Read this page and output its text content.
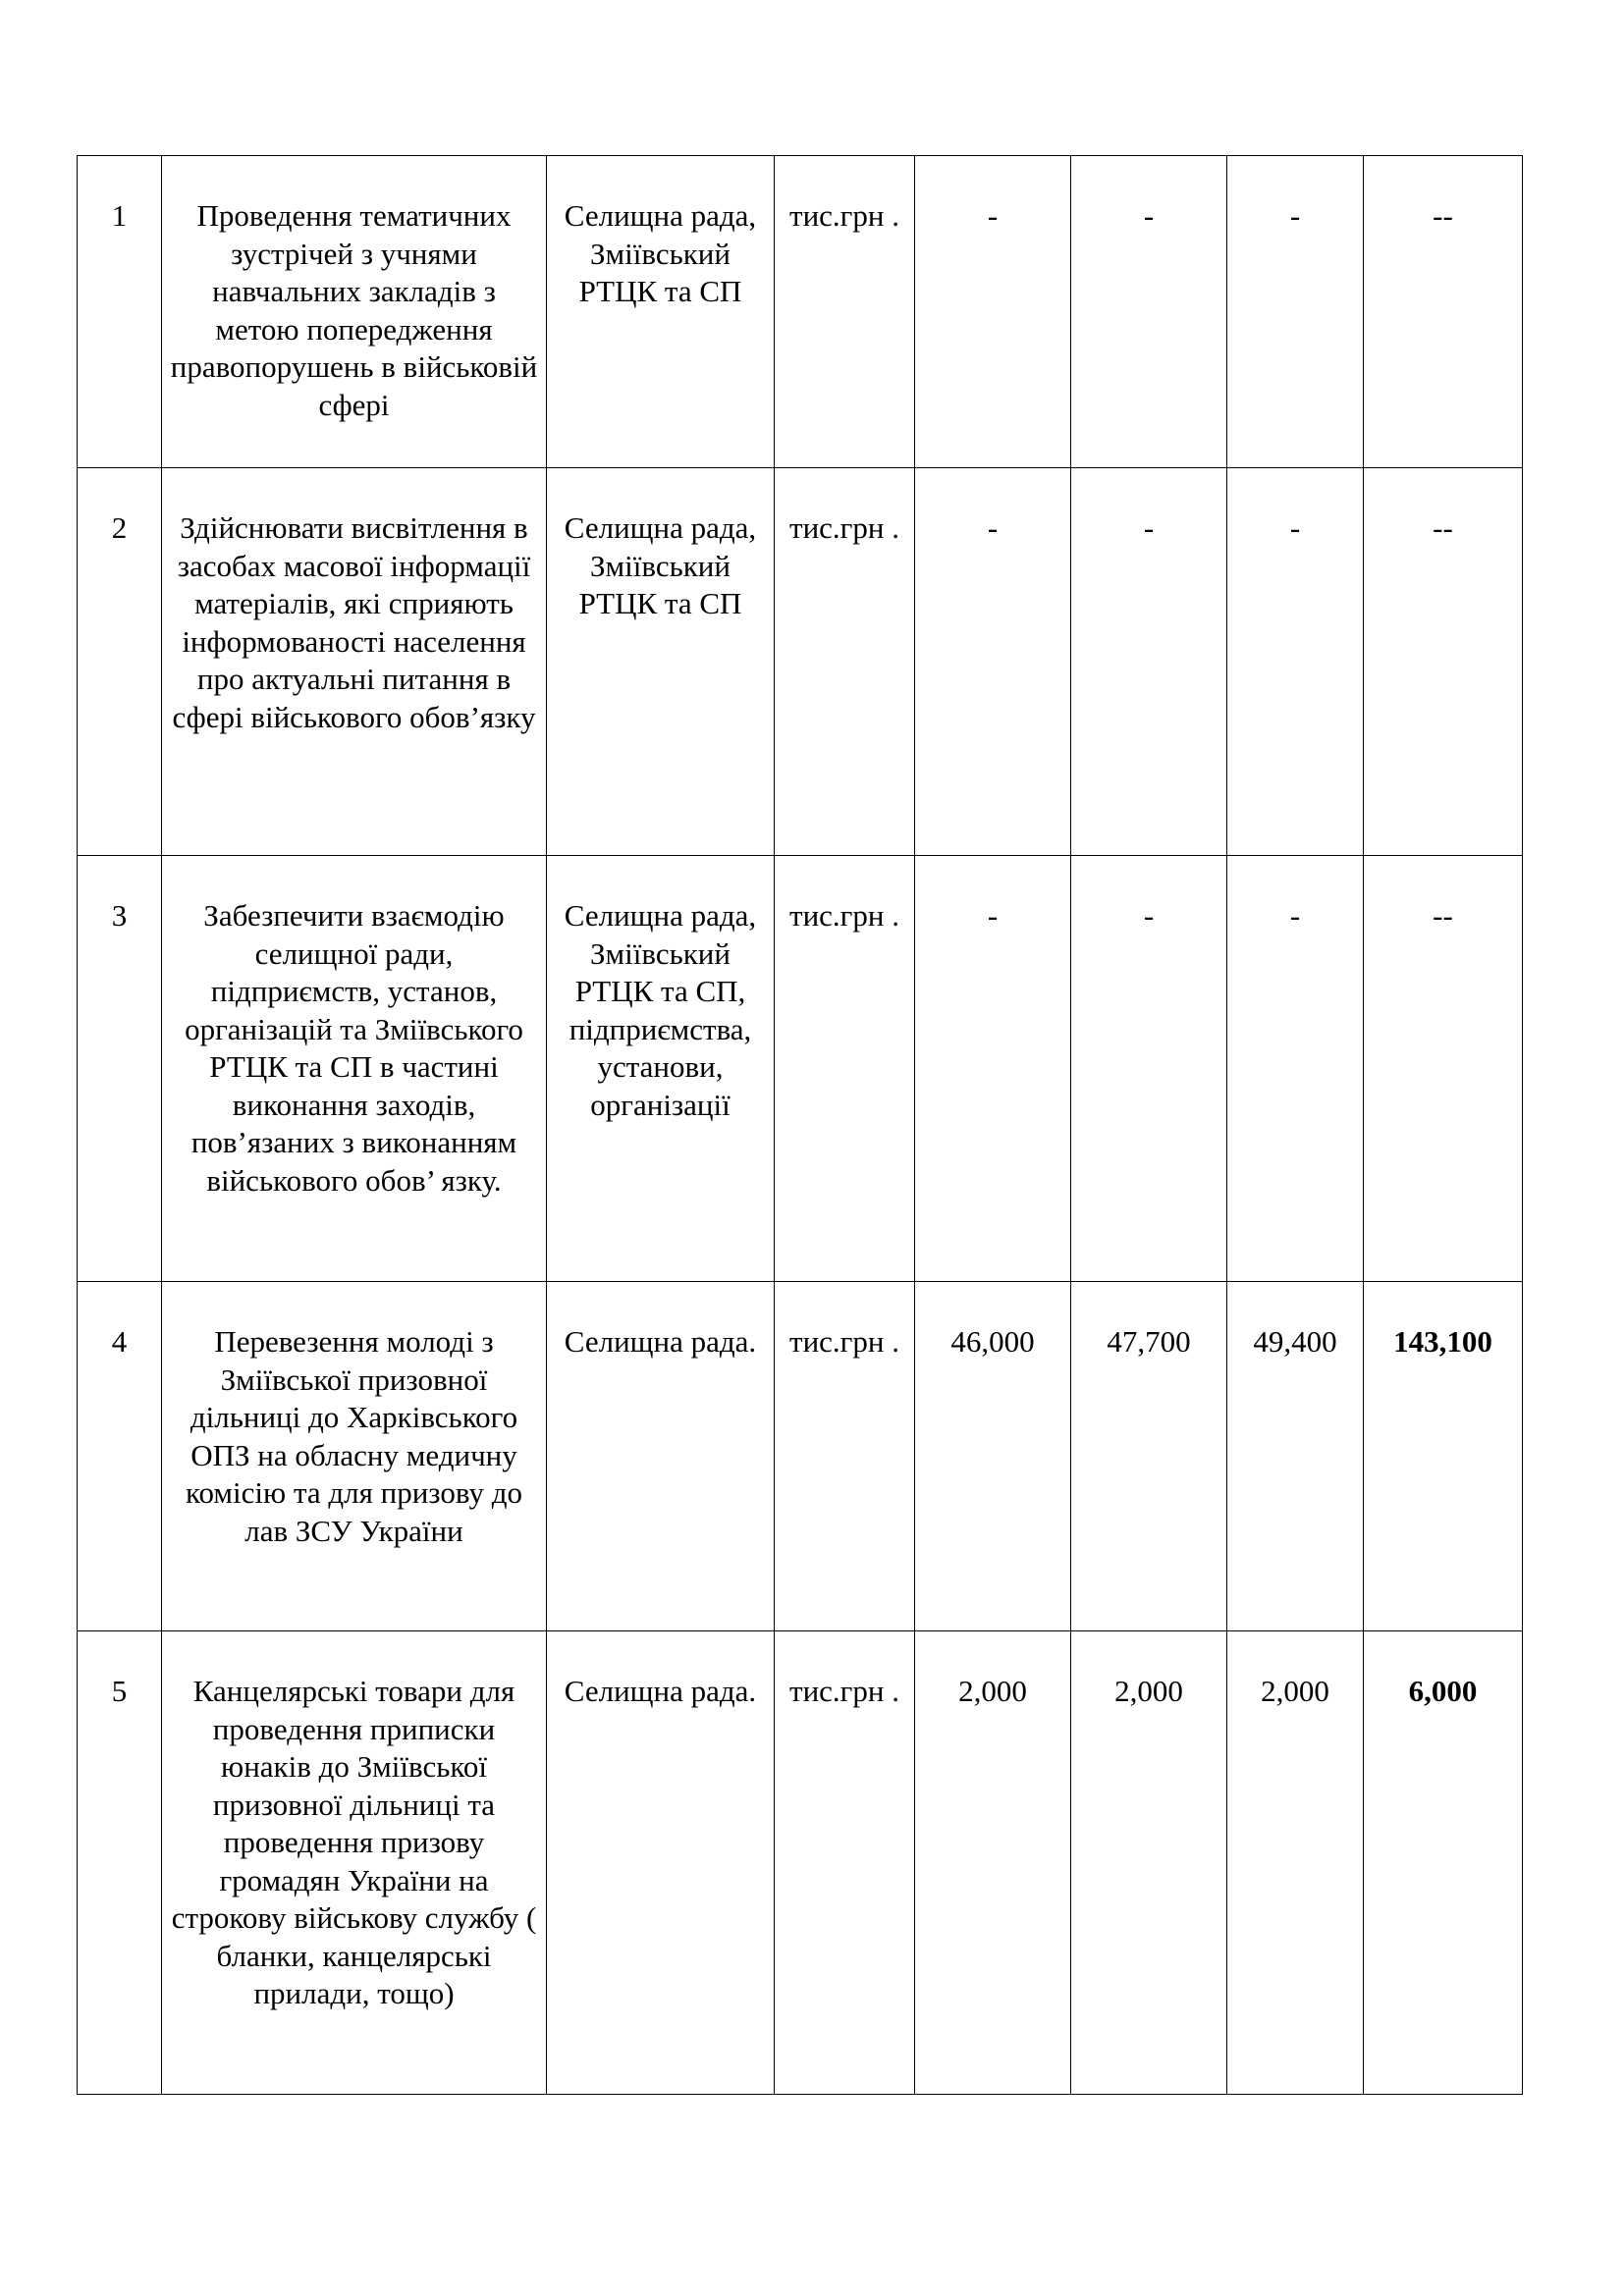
1	Проведення тематичних зустрічей з учнями навчальних закладів з метою попередження правопорушень в військовій сфері	Селищна рада, Зміївський РТЦК та СП	тис.грн .	-	-	-	--

2	Здійснювати висвітлення в засобах масової інформації матеріалів, які сприяють інформованості населення про актуальні питання в сфері військового обов’язку	Селищна рада, Зміївський РТЦК та СП	тис.грн .	-	-	-	--

3	Забезпечити взаємодію селищної ради, підприємств, установ, організацій та Зміївського РТЦК та СП в частині виконання заходів, пов’язаних з виконанням військового обов’ язку.	Селищна рада, Зміївський РТЦК та СП, підприємства, установи, організації	тис.грн .	-	-	-	--

4	Перевезення молоді з Зміївської призовної дільниці до Харківського ОПЗ на обласну медичну комісію та для призову до лав ЗСУ України	Селищна рада.	тис.грн .	46,000	47,700	49,400	143,100

5	Канцелярські товари для проведення приписки юнаків до Зміївської призовної дільниці та проведення призову громадян України на строкову військову службу ( бланки, канцелярські прилади, тощо)	Селищна рада.	тис.грн .	2,000	2,000	2,000	6,000
